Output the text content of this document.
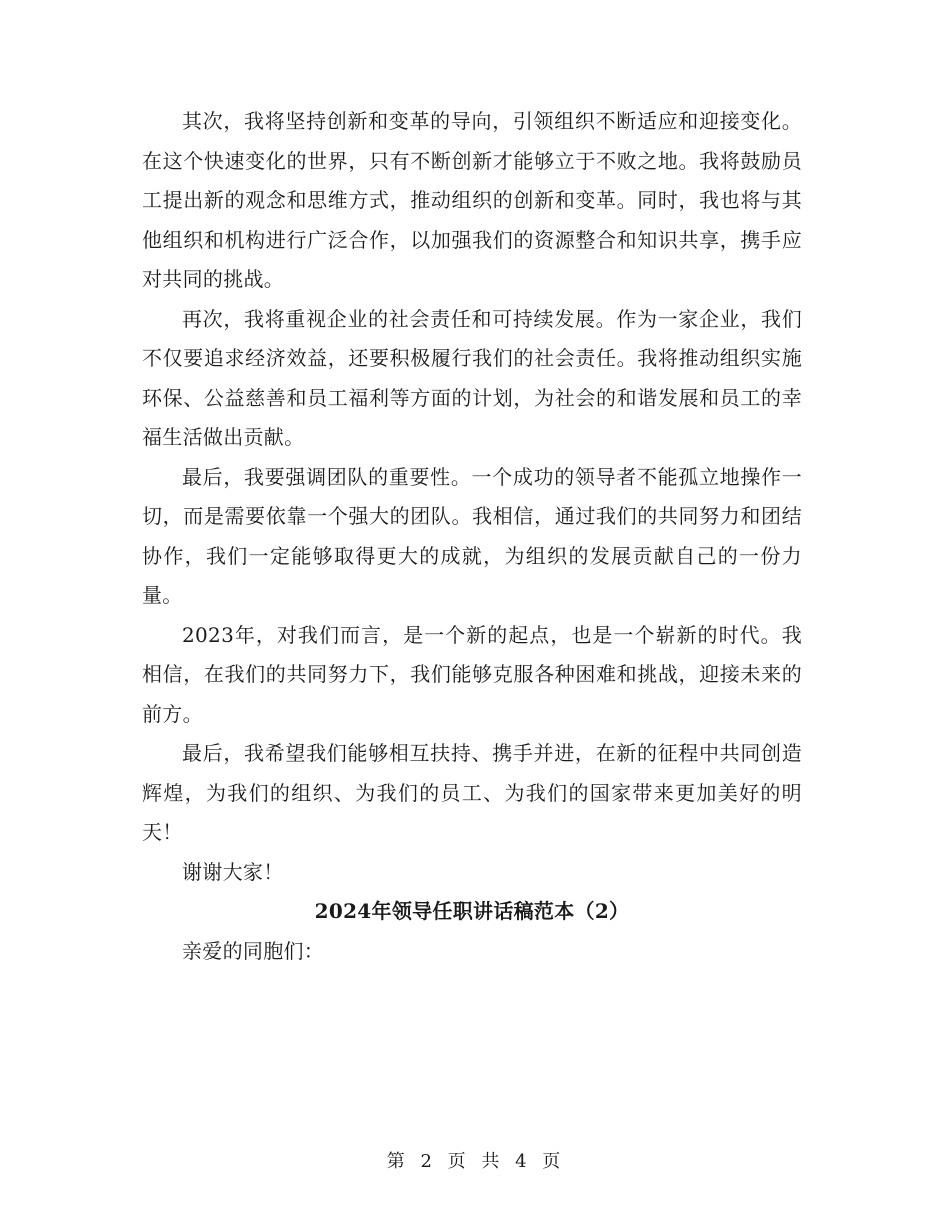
其次，我将坚持创新和变革的导向，引领组织不断适应和迎接变化。在这个快速变化的世界，只有不断创新才能够立于不败之地。我将鼓励员工提出新的观念和思维方式，推动组织的创新和变革。同时，我也将与其他组织和机构进行广泛合作，以加强我们的资源整合和知识共享，携手应对共同的挑战。

再次，我将重视企业的社会责任和可持续发展。作为一家企业，我们不仅要追求经济效益，还要积极履行我们的社会责任。我将推动组织实施环保、公益慈善和员工福利等方面的计划，为社会的和谐发展和员工的幸福生活做出贡献。

最后，我要强调团队的重要性。一个成功的领导者不能孤立地操作一切，而是需要依靠一个强大的团队。我相信，通过我们的共同努力和团结协作，我们一定能够取得更大的成就，为组织的发展贡献自己的一份力量。

2023年，对我们而言，是一个新的起点，也是一个崭新的时代。我相信，在我们的共同努力下，我们能够克服各种困难和挑战，迎接未来的前方。

最后，我希望我们能够相互扶持、携手并进，在新的征程中共同创造辉煌，为我们的组织、为我们的员工、为我们的国家带来更加美好的明天！

谢谢大家！

2024年领导任职讲话稿范本（2）

亲爱的同胞们：

第 2 页 共 4 页
